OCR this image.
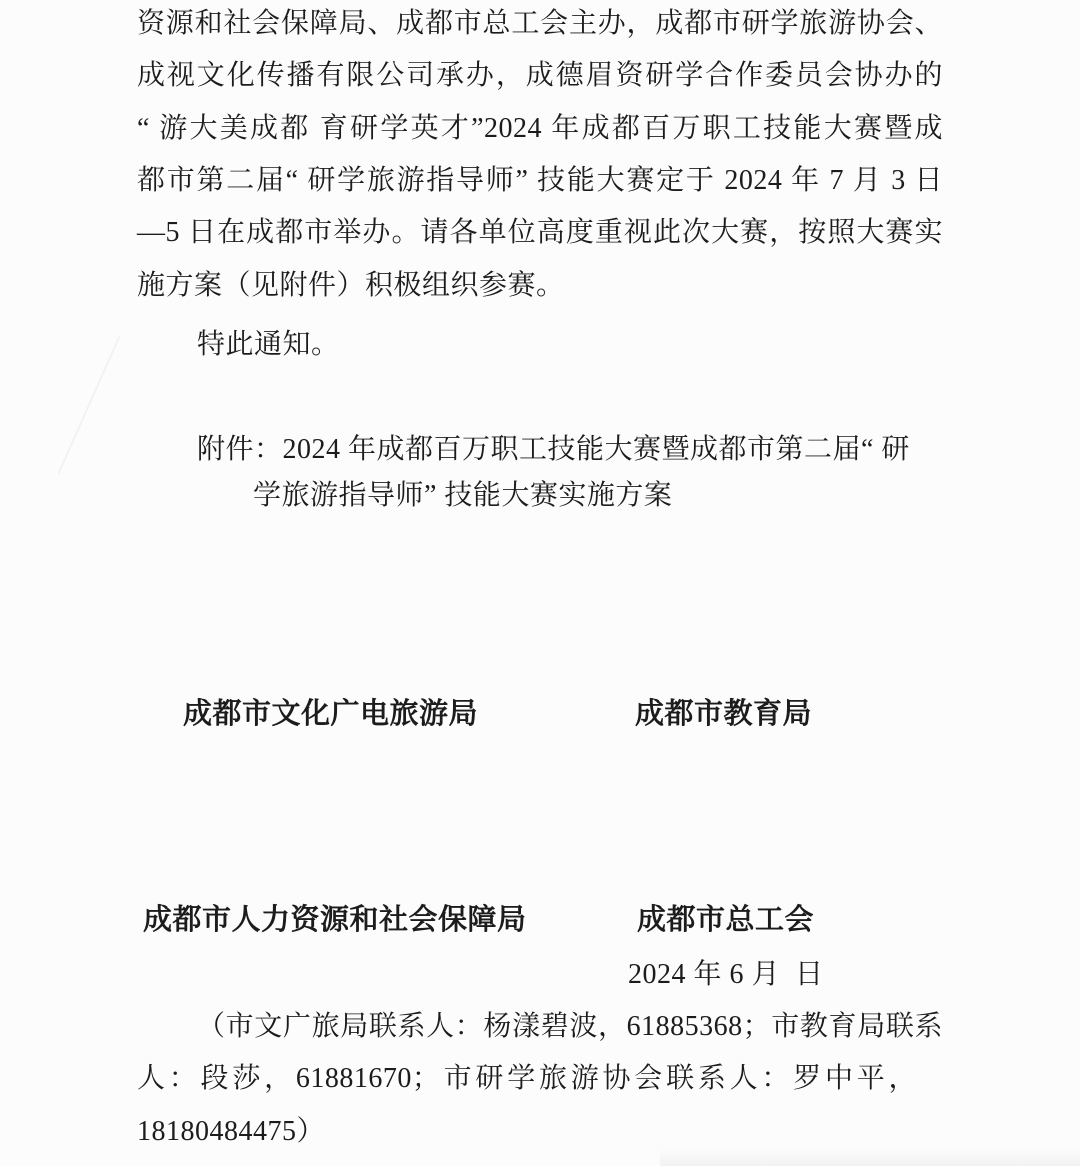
资源和社会保障局、成都市总工会主办，成都市研学旅游协会、
成视文化传播有限公司承办，成德眉资研学合作委员会协办的
“ 游大美成都 育研学英才”2024 年成都百万职工技能大赛暨成
都市第二届“ 研学旅游指导师” 技能大赛定于 2024 年 7 月 3 日
—5 日在成都市举办。请各单位高度重视此次大赛，按照大赛实
施方案（见附件）积极组织参赛。
特此通知。
附件：2024 年成都百万职工技能大赛暨成都市第二届“ 研
学旅游指导师” 技能大赛实施方案
成都市文化广电旅游局	成都市教育局
成都市人力资源和社会保障局	成都市总工会
2024 年 6 月  日
（市文广旅局联系人：杨漾碧波，61885368；市教育局联系
人：段莎，61881670；市研学旅游协会联系人：罗中平，
18180484475）
